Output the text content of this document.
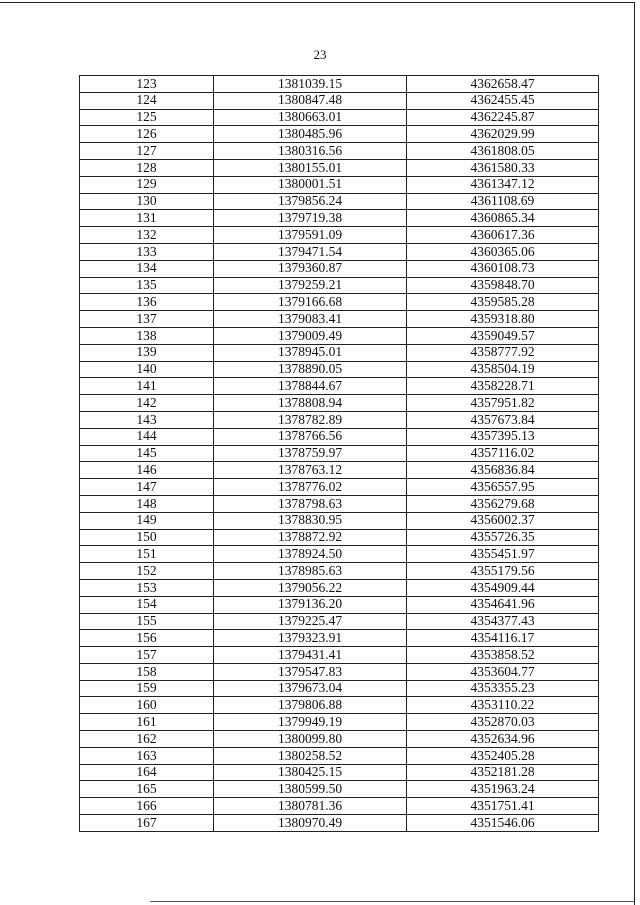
23
123	1381039.15	4362658.47
124	1380847.48	4362455.45
125	1380663.01	4362245.87
126	1380485.96	4362029.99
127	1380316.56	4361808.05
128	1380155.01	4361580.33
129	1380001.51	4361347.12
130	1379856.24	4361108.69
131	1379719.38	4360865.34
132	1379591.09	4360617.36
133	1379471.54	4360365.06
134	1379360.87	4360108.73
135	1379259.21	4359848.70
136	1379166.68	4359585.28
137	1379083.41	4359318.80
138	1379009.49	4359049.57
139	1378945.01	4358777.92
140	1378890.05	4358504.19
141	1378844.67	4358228.71
142	1378808.94	4357951.82
143	1378782.89	4357673.84
144	1378766.56	4357395.13
145	1378759.97	4357116.02
146	1378763.12	4356836.84
147	1378776.02	4356557.95
148	1378798.63	4356279.68
149	1378830.95	4356002.37
150	1378872.92	4355726.35
151	1378924.50	4355451.97
152	1378985.63	4355179.56
153	1379056.22	4354909.44
154	1379136.20	4354641.96
155	1379225.47	4354377.43
156	1379323.91	4354116.17
157	1379431.41	4353858.52
158	1379547.83	4353604.77
159	1379673.04	4353355.23
160	1379806.88	4353110.22
161	1379949.19	4352870.03
162	1380099.80	4352634.96
163	1380258.52	4352405.28
164	1380425.15	4352181.28
165	1380599.50	4351963.24
166	1380781.36	4351751.41
167	1380970.49	4351546.06
